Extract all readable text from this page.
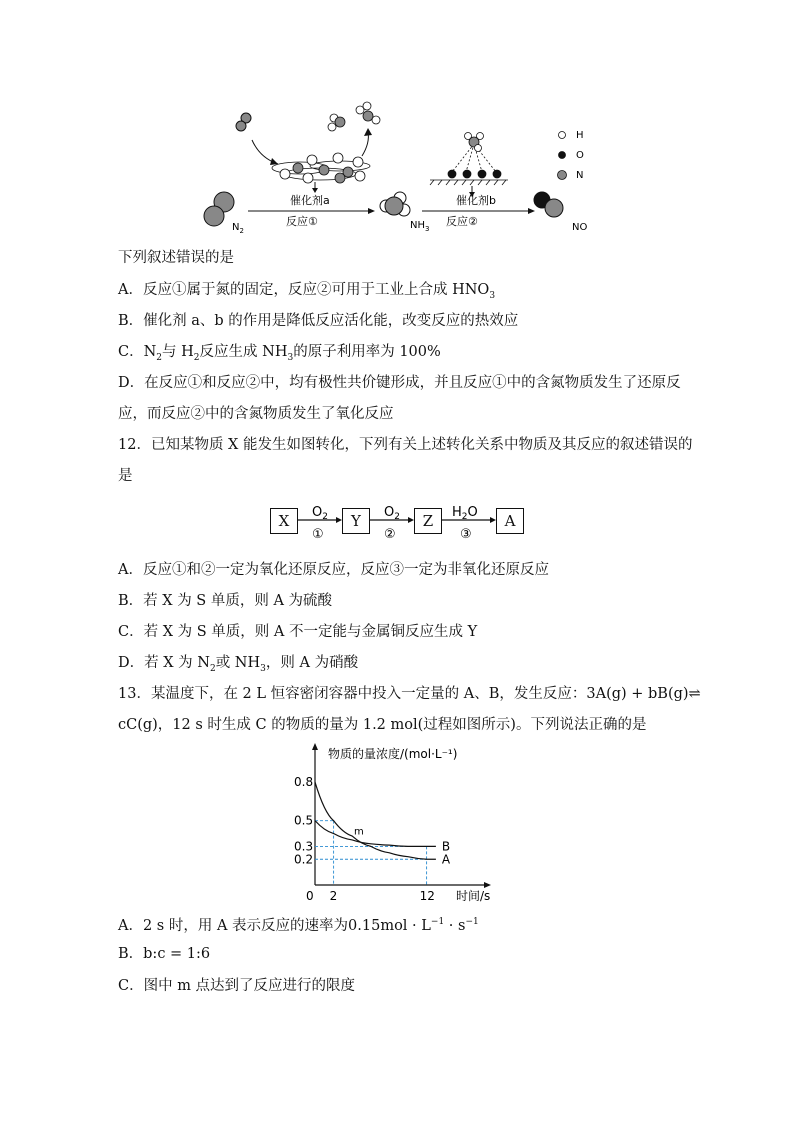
$N_2$
催化剂a
反应①	$NH_3$
催化剂b
反应②	NO
H
O
N
下列叙述错误的是
A．反应①属于氮的固定，反应②可用于工业上合成 $HNO_3$
B．催化剂 a、b 的作用是降低反应活化能，改变反应的热效应
C．$N_2$与 $H_2$反应生成 $NH_3$的原子利用率为 100%
D．在反应①和反应②中，均有极性共价键形成，并且反应①中的含氮物质发生了还原反
应，而反应②中的含氮物质发生了氧化反应
12．已知某物质 X 能发生如图转化，下列有关上述转化关系中物质及其反应的叙述错误的
是
X	Y	Z	A
$O_2$
①
$O_2$
②
$H_2O$
③
A．反应①和②一定为氧化还原反应，反应③一定为非氧化还原反应
B．若 X 为 S 单质，则 A 为硫酸
C．若 X 为 S 单质，则 A 不一定能与金属铜反应生成 Y
D．若 X 为 $N_2$或 $NH_3$，则 A 为硝酸
13．某温度下，在 2 L 恒容密闭容器中投入一定量的 A、B，发生反应：3A(g) + bB(g)⇌
cC(g)，12 s 时生成 C 的物质的量为 1.2 mol(过程如图所示)。下列说法正确的是
物质的量浓度/(mol·L⁻¹)
时间/s
0.8
0.5
0.3
0.2
0 2	12
A
B
m
A．2 s 时，用 A 表示反应的速率为$0.15mol \cdot L^{-1} \cdot s^{-1}$
B．b:c = 1:6
C．图中 m 点达到了反应进行的限度
